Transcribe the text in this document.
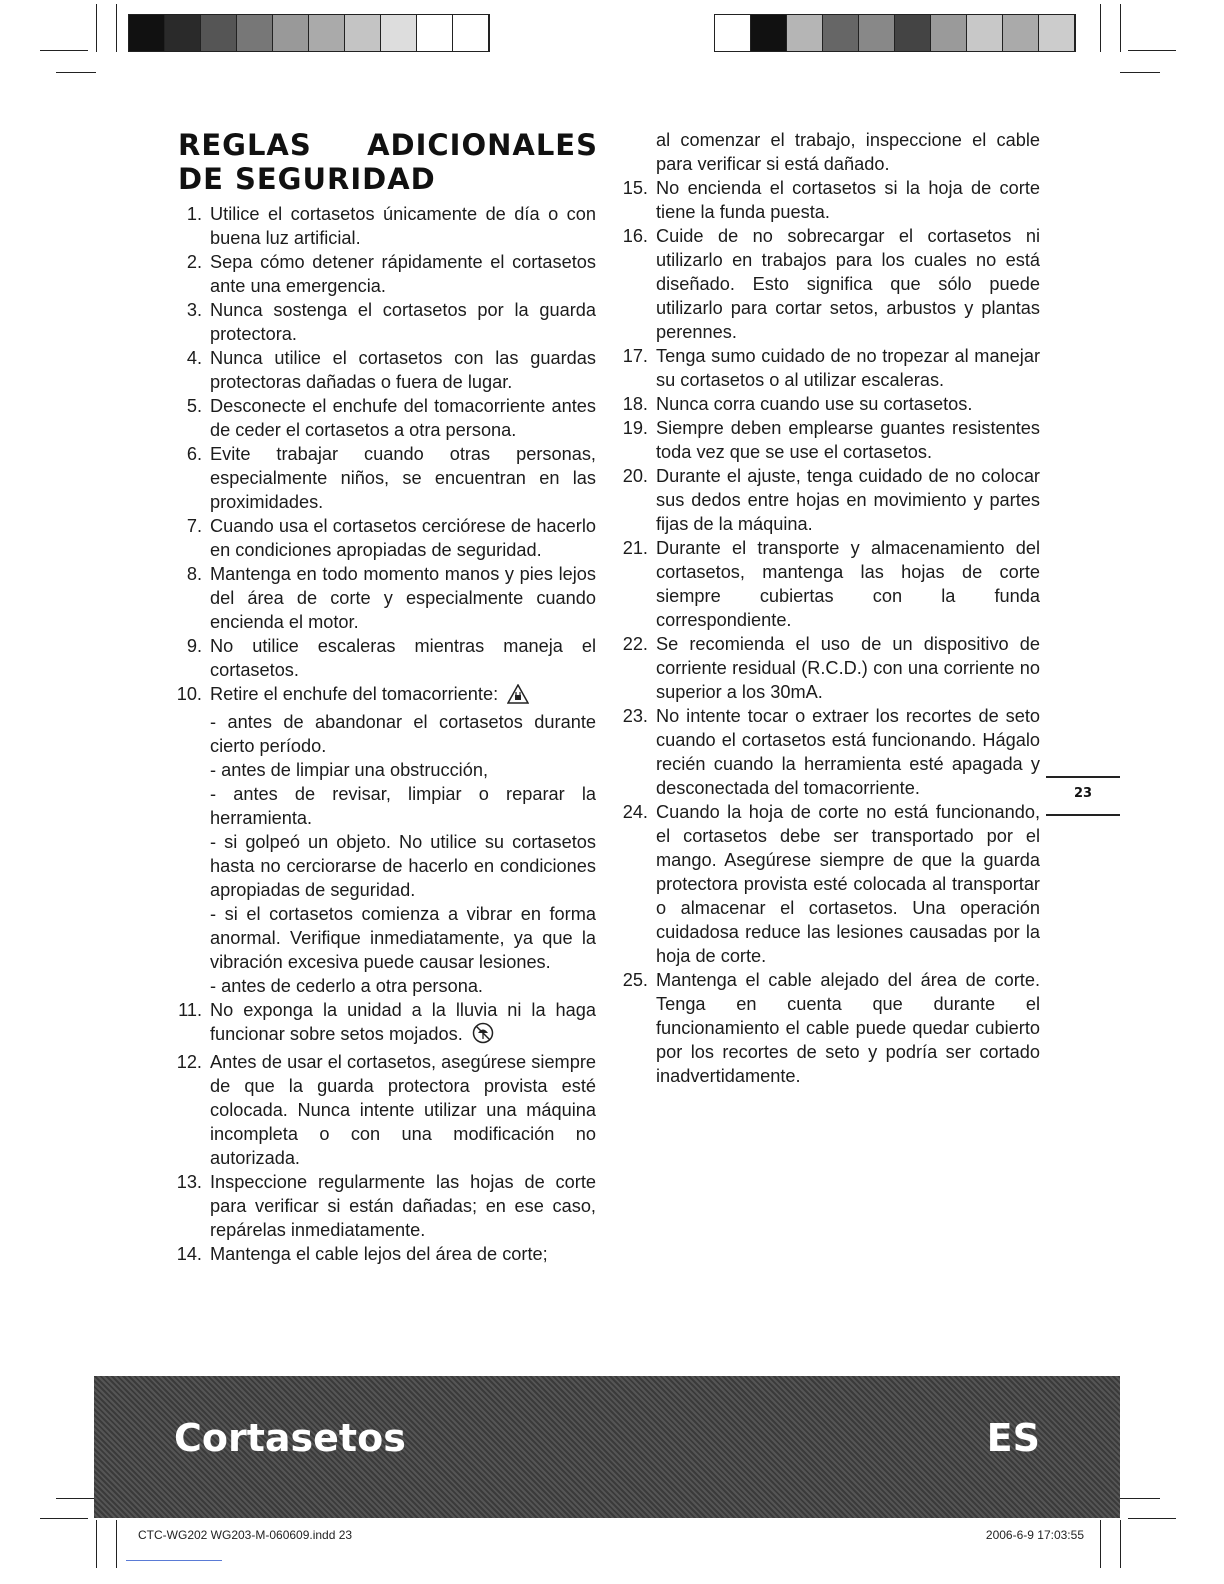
REGLAS ADICIONALES DE SEGURIDAD
1. Utilice el cortasetos únicamente de día o con buena luz artificial.
2. Sepa cómo detener rápidamente el cortasetos ante una emergencia.
3. Nunca sostenga el cortasetos por la guarda protectora.
4. Nunca utilice el cortasetos con las guardas protectoras dañadas o fuera de lugar.
5. Desconecte el enchufe del tomacorriente antes de ceder el cortasetos a otra persona.
6. Evite trabajar cuando otras personas, especialmente niños, se encuentran en las proximidades.
7. Cuando usa el cortasetos cerciórese de hacerlo en condiciones apropiadas de seguridad.
8. Mantenga en todo momento manos y pies lejos del área de corte y especialmente cuando encienda el motor.
9. No utilice escaleras mientras maneja el cortasetos.
10. Retire el enchufe del tomacorriente:
- antes de abandonar el cortasetos durante cierto período.
- antes de limpiar una obstrucción,
- antes de revisar, limpiar o reparar la herramienta.
- si golpeó un objeto. No utilice su cortasetos hasta no cerciorarse de hacerlo en condiciones apropiadas de seguridad.
- si el cortasetos comienza a vibrar en forma anormal. Verifique inmediatamente, ya que la vibración excesiva puede causar lesiones.
- antes de cederlo a otra persona.
11. No exponga la unidad a la lluvia ni la haga funcionar sobre setos mojados.
12. Antes de usar el cortasetos, asegúrese siempre de que la guarda protectora provista esté colocada. Nunca intente utilizar una máquina incompleta o con una modificación no autorizada.
13. Inspeccione regularmente las hojas de corte para verificar si están dañadas; en ese caso, repárelas inmediatamente.
14. Mantenga el cable lejos del área de corte;
al comenzar el trabajo, inspeccione el cable para verificar si está dañado.
15. No encienda el cortasetos si la hoja de corte tiene la funda puesta.
16. Cuide de no sobrecargar el cortasetos ni utilizarlo en trabajos para los cuales no está diseñado. Esto significa que sólo puede utilizarlo para cortar setos, arbustos y plantas perennes.
17. Tenga sumo cuidado de no tropezar al manejar su cortasetos o al utilizar escaleras.
18. Nunca corra cuando use su cortasetos.
19. Siempre deben emplearse guantes resistentes toda vez que se use el cortasetos.
20. Durante el ajuste, tenga cuidado de no colocar sus dedos entre hojas en movimiento y partes fijas de la máquina.
21. Durante el transporte y almacenamiento del cortasetos, mantenga las hojas de corte siempre cubiertas con la funda correspondiente.
22. Se recomienda el uso de un dispositivo de corriente residual (R.C.D.) con una corriente no superior a los 30mA.
23. No intente tocar o extraer los recortes de seto cuando el cortasetos está funcionando. Hágalo recién cuando la herramienta esté apagada y desconectada del tomacorriente.
24. Cuando la hoja de corte no está funcionando, el cortasetos debe ser transportado por el mango. Asegúrese siempre de que la guarda protectora provista esté colocada al transportar o almacenar el cortasetos. Una operación cuidadosa reduce las lesiones causadas por la hoja de corte.
25. Mantenga el cable alejado del área de corte. Tenga en cuenta que durante el funcionamiento el cable puede quedar cubierto por los recortes de seto y podría ser cortado inadvertidamente.
23
Cortasetos	ES
CTC-WG202 WG203-M-060609.indd 23	2006-6-9 17:03:55
